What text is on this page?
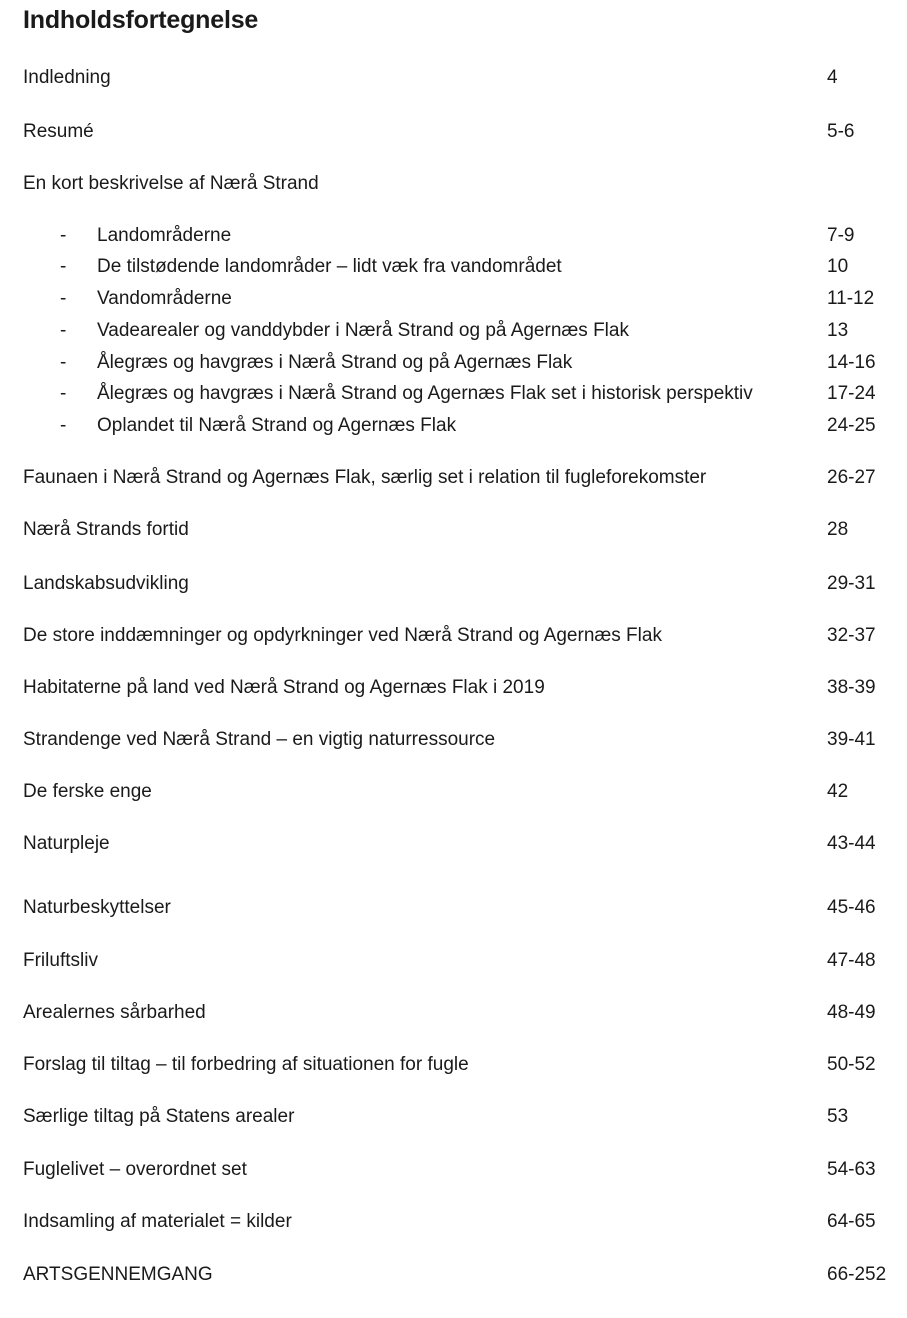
Indholdsfortegnelse
Indledning	4
Resumé	5-6
En kort beskrivelse af Nærå Strand
- Landområderne	7-9
- De tilstødende landområder – lidt væk fra vandområdet	10
- Vandområderne	11-12
- Vadearealer og vanddybder i Nærå Strand og på Agernæs Flak	13
- Ålegræs og havgræs i Nærå Strand og på Agernæs Flak	14-16
- Ålegræs og havgræs i Nærå Strand og Agernæs Flak set i historisk perspektiv	17-24
- Oplandet til Nærå Strand og Agernæs Flak	24-25
Faunaen i Nærå Strand og Agernæs Flak, særlig set i relation til fugleforekomster	26-27
Nærå Strands fortid	28
Landskabsudvikling	29-31
De store inddæmninger og opdyrkninger ved Nærå Strand og Agernæs Flak	32-37
Habitaterne på land ved Nærå Strand og Agernæs Flak i 2019	38-39
Strandenge ved Nærå Strand – en vigtig naturressource	39-41
De ferske enge	42
Naturpleje	43-44
Naturbeskyttelser	45-46
Friluftsliv	47-48
Arealernes sårbarhed	48-49
Forslag til tiltag – til forbedring af situationen for fugle	50-52
Særlige tiltag på Statens arealer	53
Fuglelivet – overordnet set	54-63
Indsamling af materialet = kilder	64-65
ARTSGENNEMGANG	66-252
